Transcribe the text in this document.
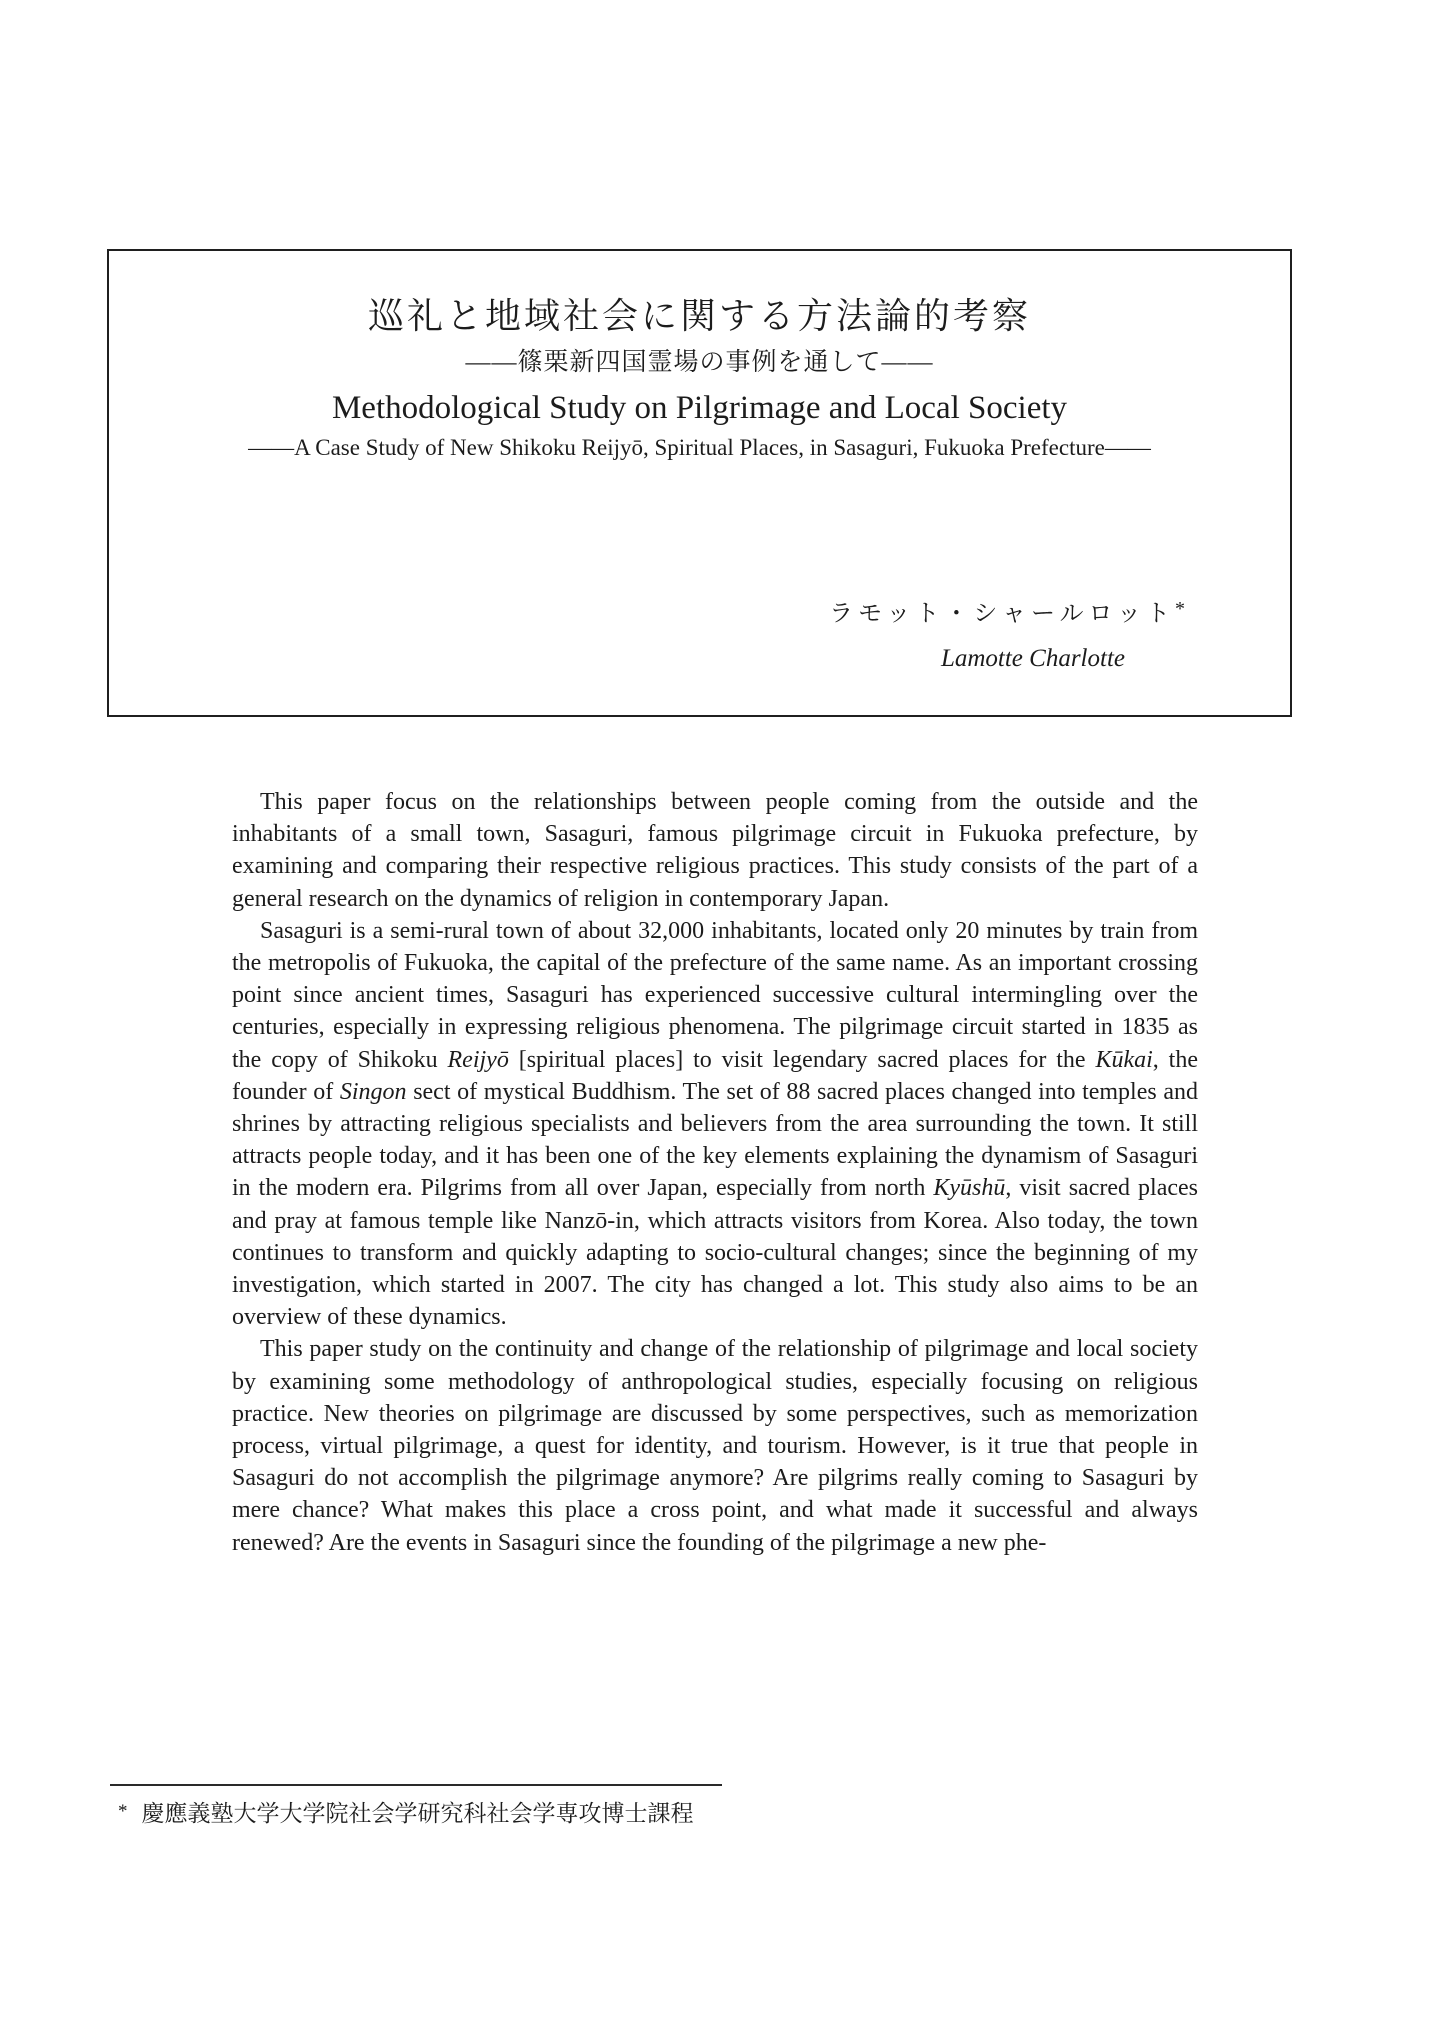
巡礼と地域社会に関する方法論的考察
——篠栗新四国霊場の事例を通して——
Methodological Study on Pilgrimage and Local Society
——A Case Study of New Shikoku Reijyō, Spiritual Places, in Sasaguri, Fukuoka Prefecture——
ラモット・シャールロット*
Lamotte Charlotte

This paper focus on the relationships between people coming from the outside and the inhabitants of a small town, Sasaguri, famous pilgrimage circuit in Fukuoka prefecture, by examining and comparing their respective religious practices. This study consists of the part of a general research on the dynamics of religion in contemporary Japan.

Sasaguri is a semi-rural town of about 32,000 inhabitants, located only 20 minutes by train from the metropolis of Fukuoka, the capital of the prefecture of the same name. As an important crossing point since ancient times, Sasaguri has experienced successive cultural intermingling over the centuries, especially in expressing religious phenomena. The pilgrimage circuit started in 1835 as the copy of Shikoku Reijyō [spiritual places] to visit legendary sacred places for the Kūkai, the founder of Singon sect of mystical Buddhism. The set of 88 sacred places changed into temples and shrines by attracting religious specialists and believers from the area surrounding the town. It still attracts people today, and it has been one of the key elements explaining the dynamism of Sasaguri in the modern era. Pilgrims from all over Japan, especially from north Kyūshū, visit sacred places and pray at famous temple like Nanzō-in, which attracts visitors from Korea. Also today, the town continues to transform and quickly adapting to socio-cultural changes; since the beginning of my investigation, which started in 2007. The city has changed a lot. This study also aims to be an overview of these dynamics.

This paper study on the continuity and change of the relationship of pilgrimage and local society by examining some methodology of anthropological studies, especially focusing on religious practice. New theories on pilgrimage are discussed by some perspectives, such as memorization process, virtual pilgrimage, a quest for identity, and tourism. However, is it true that people in Sasaguri do not accomplish the pilgrimage anymore? Are pilgrims really coming to Sasaguri by mere chance? What makes this place a cross point, and what made it successful and always renewed? Are the events in Sasaguri since the founding of the pilgrimage a new phe-

* 慶應義塾大学大学院社会学研究科社会学専攻博士課程
